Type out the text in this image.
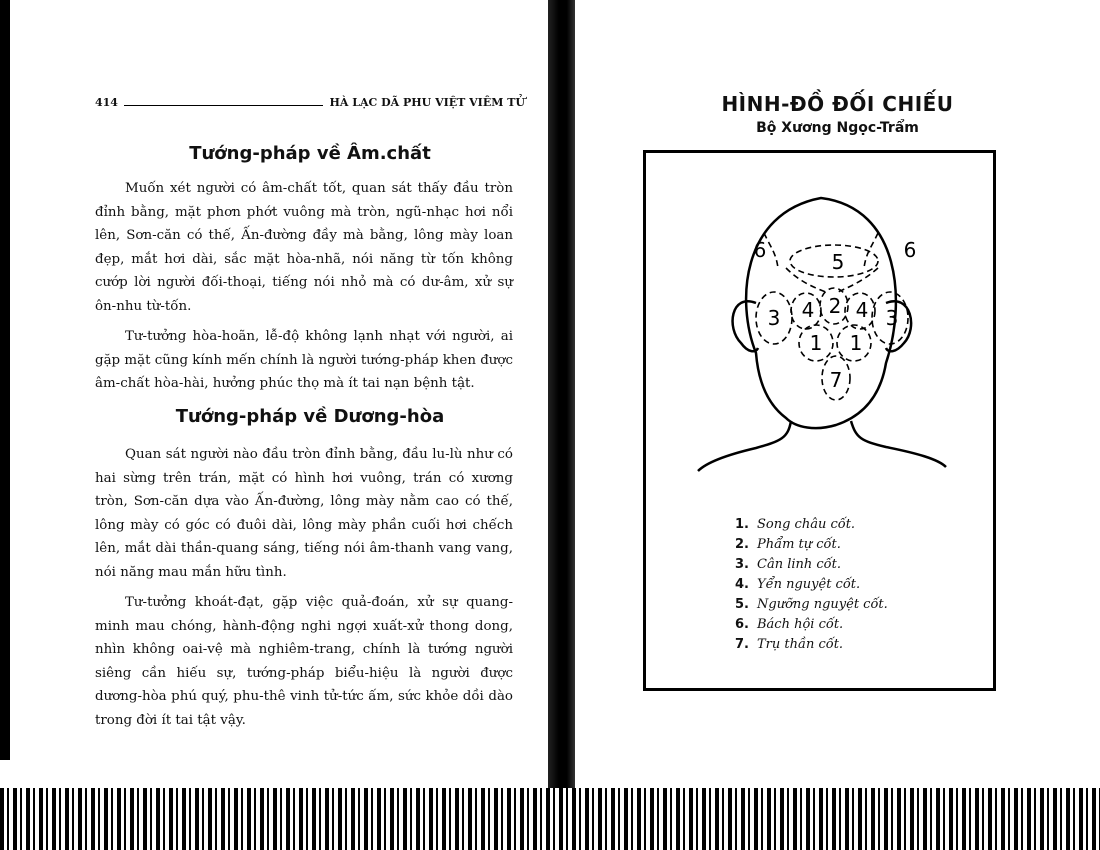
414	HÀ LẠC DÃ PHU VIỆT VIÊM TỬ
Tướng-pháp về Âm.chất

Muốn xét người có âm-chất tốt, quan sát thấy đầu tròn đỉnh bằng, mặt phơn phớt vuông mà tròn, ngũ-nhạc hơi nổi lên, Sơn-căn có thế, Ấn-đường đầy mà bằng, lông mày loan đẹp, mắt hơi dài, sắc mặt hòa-nhã, nói năng từ tốn không cướp lời người đối-thoại, tiếng nói nhỏ mà có dư-âm, xử sự ôn-nhu từ-tốn.

Tư-tưởng hòa-hoãn, lễ-độ không lạnh nhạt với người, ai gặp mặt cũng kính mến chính là người tướng-pháp khen được âm-chất hòa-hài, hưởng phúc thọ mà ít tai nạn bệnh tật.

Tướng-pháp về Dương-hòa

Quan sát người nào đầu tròn đỉnh bằng, đầu lu-lù như có hai sừng trên trán, mặt có hình hơi vuông, trán có xương tròn, Sơn-căn dựa vào Ấn-đường, lông mày nằm cao có thế, lông mày có góc có đuôi dài, lông mày phần cuối hơi chếch lên, mắt dài thần-quang sáng, tiếng nói âm-thanh vang vang, nói năng mau mắn hữu tình.

Tư-tưởng khoát-đạt, gặp việc quả-đoán, xử sự quang-minh mau chóng, hành-động nghi ngợi xuất-xử thong dong, nhìn không oai-vệ mà nghiêm-trang, chính là tướng người siêng cần hiếu sự, tướng-pháp biểu-hiệu là người được dương-hòa phú quý, phu-thê vinh tử-tức ấm, sức khỏe dồi dào trong đời ít tai tật vậy.

HÌNH-ĐỒ ĐỐI CHIẾU
Bộ Xương Ngọc-Trẩm
6	5	6
3 4 2 4 3
1 1
7
1. Song châu cốt.
2. Phẩm tự cốt.
3. Cân linh cốt.
4. Yển nguyệt cốt.
5. Ngưỡng nguyệt cốt.
6. Bách hội cốt.
7. Trụ thần cốt.
